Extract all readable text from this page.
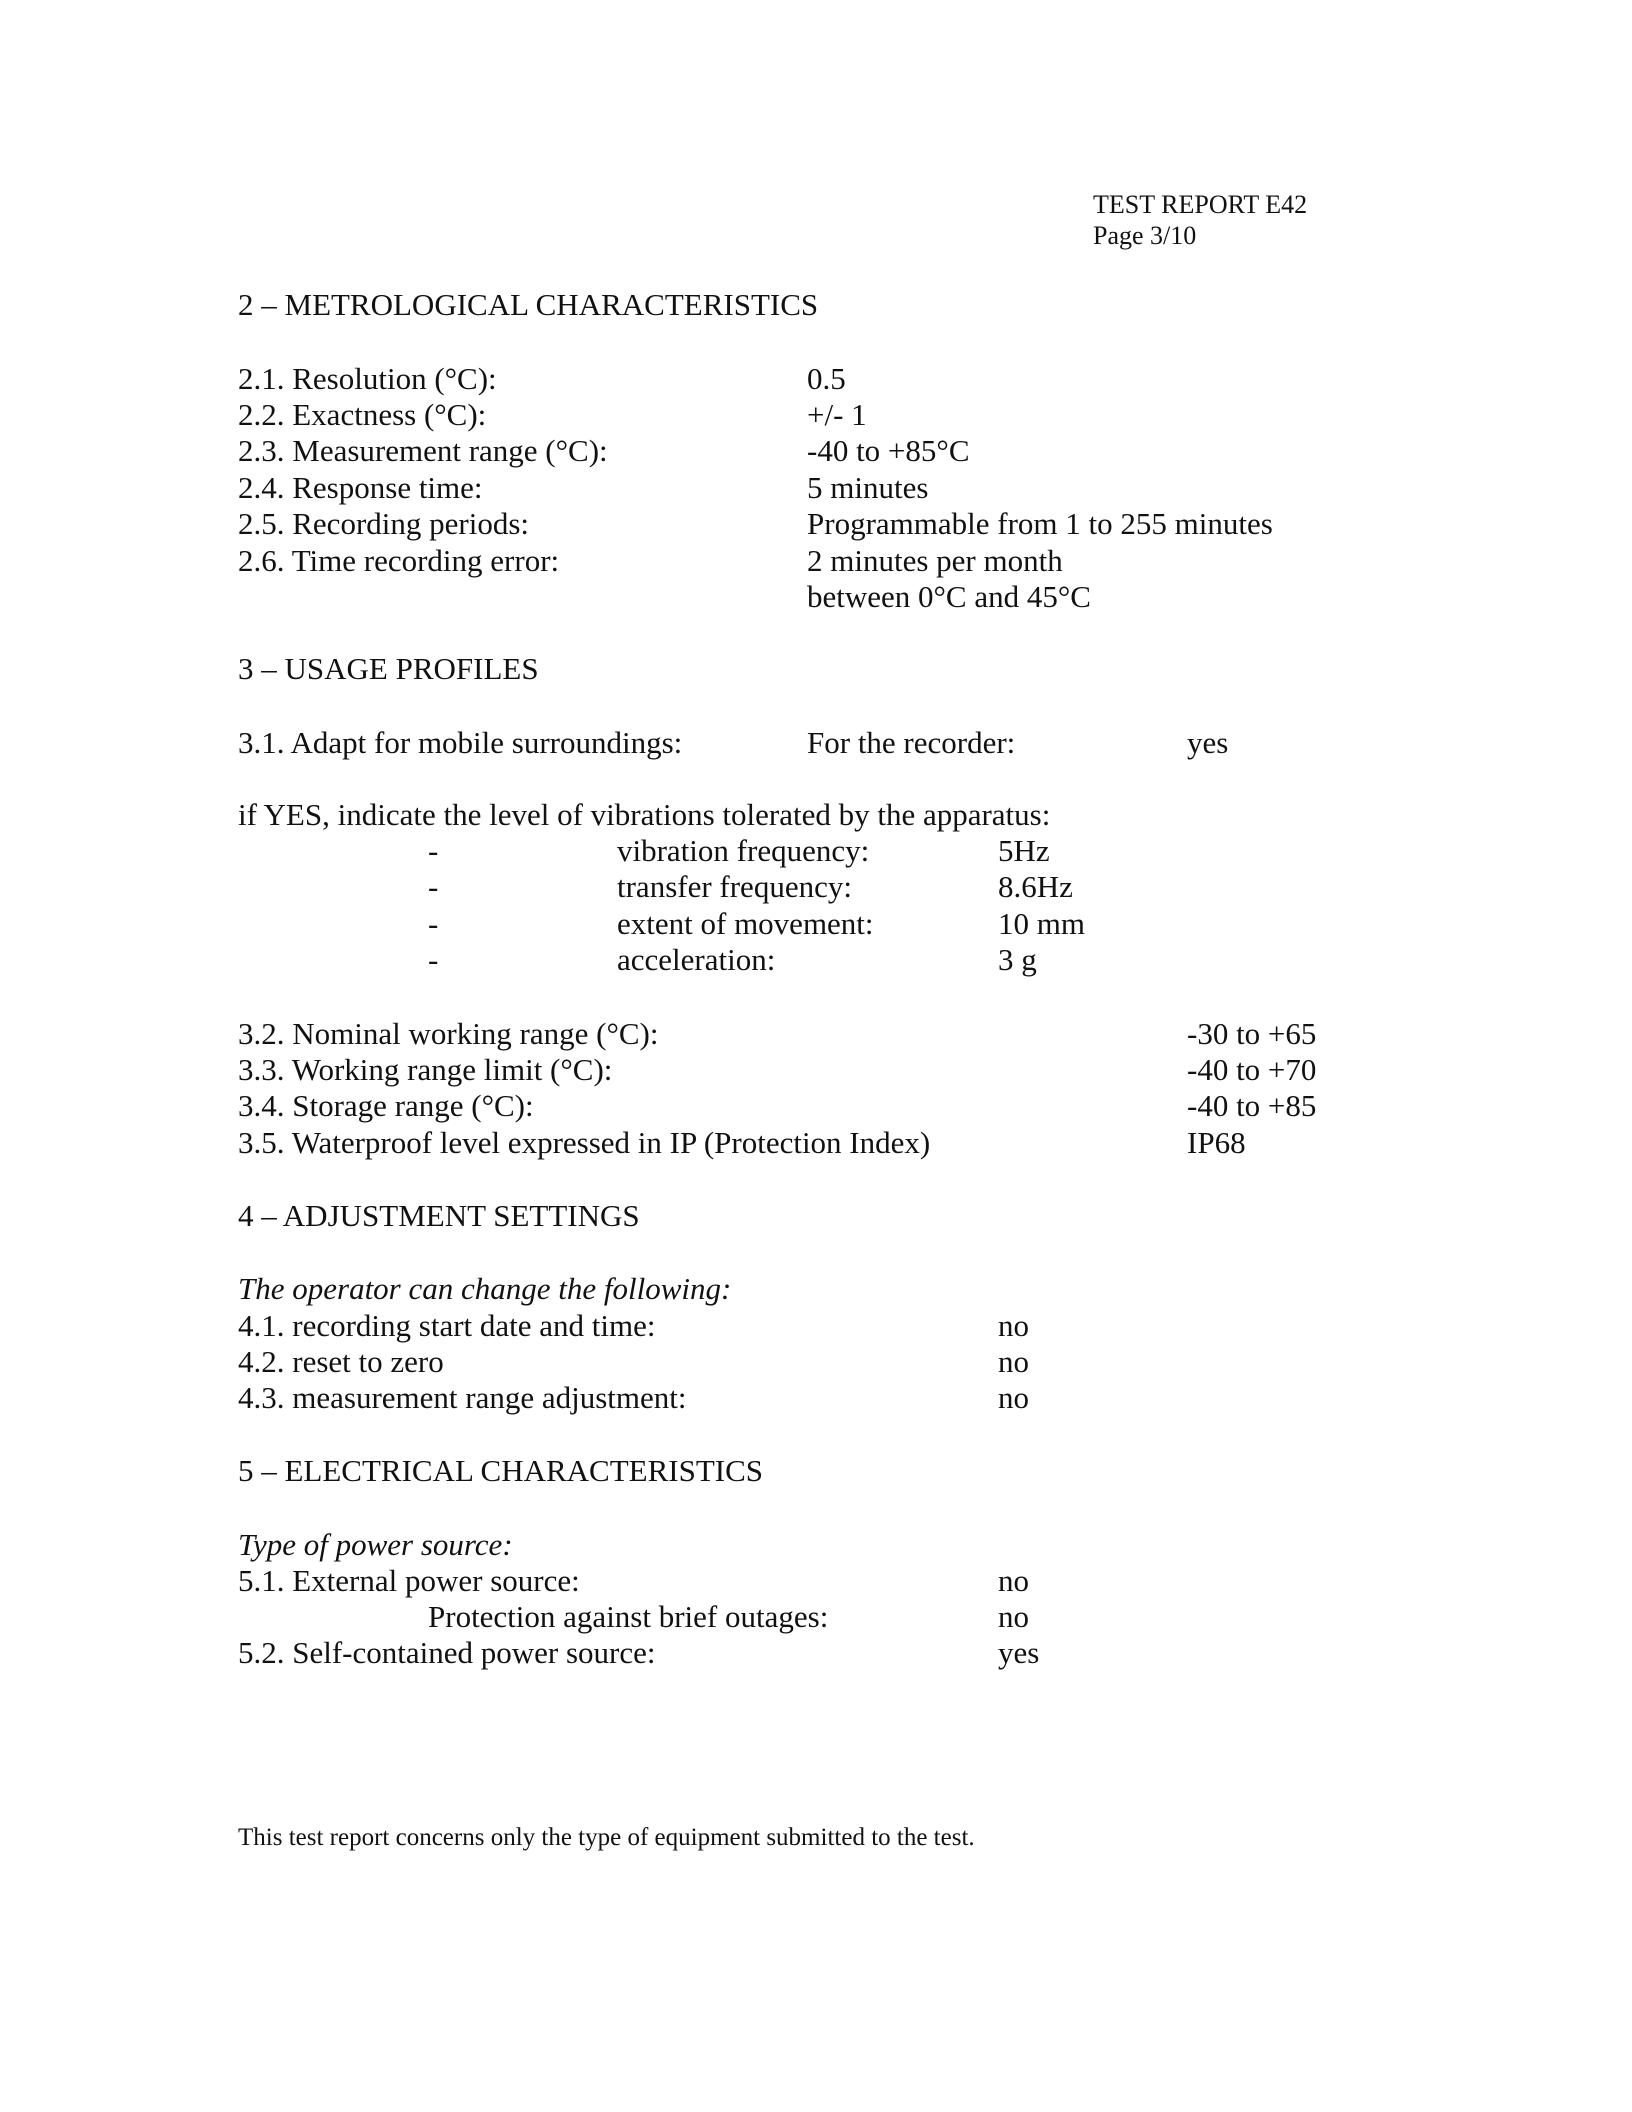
TEST REPORT E42
Page 3/10
2 – METROLOGICAL CHARACTERISTICS
2.1. Resolution (°C):	0.5
2.2. Exactness (°C):	+/- 1
2.3. Measurement range (°C):	-40 to +85°C
2.4. Response time:	5 minutes
2.5. Recording periods:	Programmable from 1 to 255 minutes
2.6. Time recording error:	2 minutes per month
between 0°C and 45°C
3 – USAGE PROFILES
3.1. Adapt for mobile surroundings:	For the recorder:	yes
if YES, indicate the level of vibrations tolerated by the apparatus:
-	vibration frequency:	5Hz
-	transfer frequency:	8.6Hz
-	extent of movement:	10 mm
-	acceleration:	3 g
3.2. Nominal working range (°C):	-30 to +65
3.3. Working range limit (°C):	-40 to +70
3.4. Storage range (°C):	-40 to +85
3.5. Waterproof level expressed in IP (Protection Index)	IP68
4 – ADJUSTMENT SETTINGS
The operator can change the following:
4.1. recording start date and time:	no
4.2. reset to zero	no
4.3. measurement range adjustment:	no
5 – ELECTRICAL CHARACTERISTICS
Type of power source:
5.1. External power source:	no
Protection against brief outages:	no
5.2. Self-contained power source:	yes
This test report concerns only the type of equipment submitted to the test.
